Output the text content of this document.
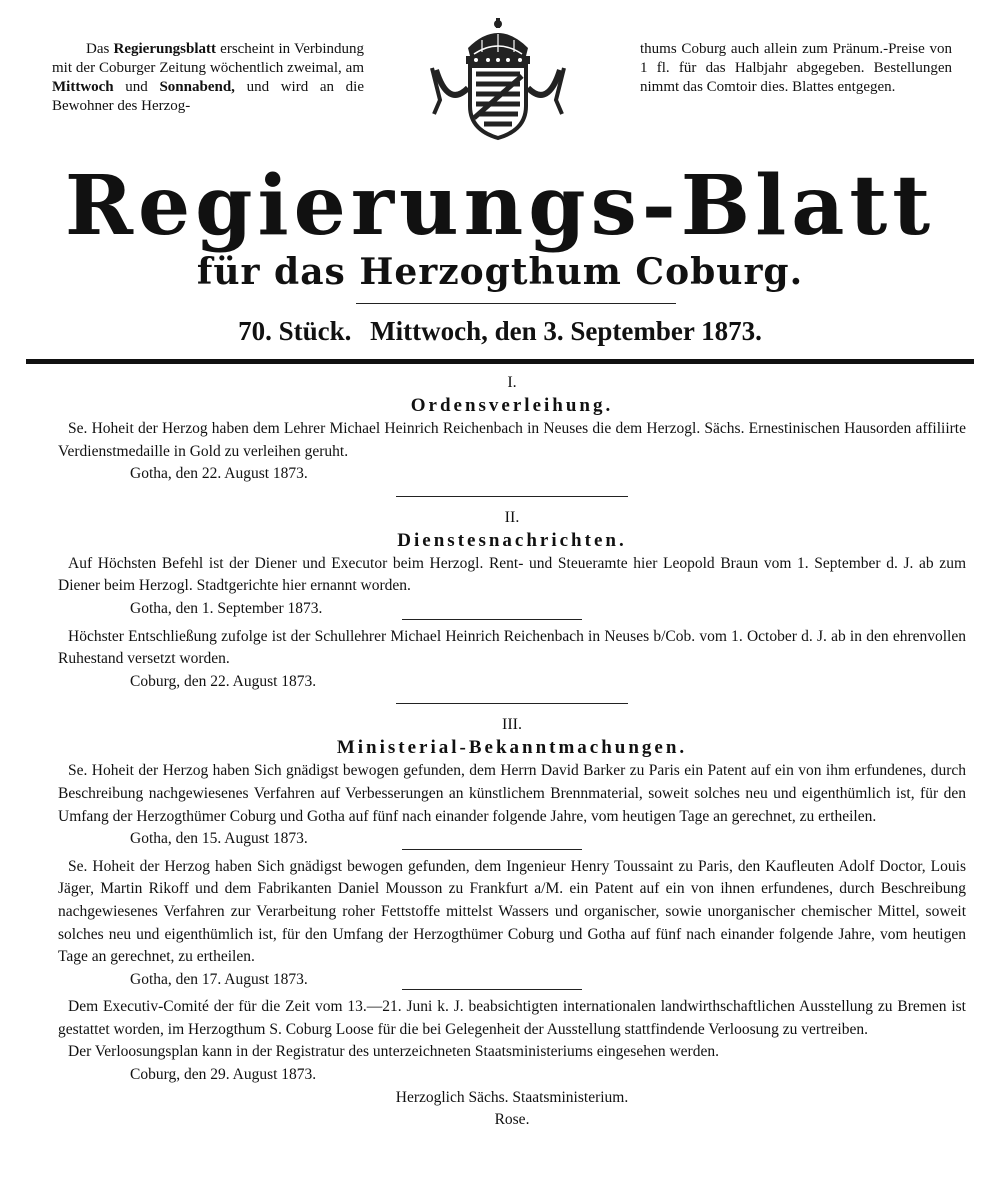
Das Regierungsblatt erscheint in Verbindung mit der Coburger Zeitung wöchentlich zweimal, am Mittwoch und Sonnabend, und wird an die Bewohner des Herzog-
thums Coburg auch allein zum Pränum.-Preise von 1 fl. für das Halbjahr abgegeben. Bestellungen nimmt das Comtoir dies. Blattes entgegen.
Regierungs-Blatt
für das Herzogthum Coburg.
70. Stück. Mittwoch, den 3. September 1873.
I.
Ordensverleihung.

Se. Hoheit der Herzog haben dem Lehrer Michael Heinrich Reichenbach in Neuses die dem Herzogl. Sächs. Ernestinischen Hausorden affiliirte Verdienstmedaille in Gold zu verleihen geruht.

Gotha, den 22. August 1873.

II.
Dienstesnachrichten.

Auf Höchsten Befehl ist der Diener und Executor beim Herzogl. Rent- und Steueramte hier Leopold Braun vom 1. September d. J. ab zum Diener beim Herzogl. Stadtgerichte hier ernannt worden.

Gotha, den 1. September 1873.

Höchster Entschließung zufolge ist der Schullehrer Michael Heinrich Reichenbach in Neuses b/Cob. vom 1. October d. J. ab in den ehrenvollen Ruhestand versetzt worden.

Coburg, den 22. August 1873.

III.
Ministerial-Bekanntmachungen.

Se. Hoheit der Herzog haben Sich gnädigst bewogen gefunden, dem Herrn David Barker zu Paris ein Patent auf ein von ihm erfundenes, durch Beschreibung nachgewiesenes Verfahren auf Verbesserungen an künstlichem Brennmaterial, soweit solches neu und eigenthümlich ist, für den Umfang der Herzogthümer Coburg und Gotha auf fünf nach einander folgende Jahre, vom heutigen Tage an gerechnet, zu ertheilen.

Gotha, den 15. August 1873.

Se. Hoheit der Herzog haben Sich gnädigst bewogen gefunden, dem Ingenieur Henry Toussaint zu Paris, den Kaufleuten Adolf Doctor, Louis Jäger, Martin Rikoff und dem Fabrikanten Daniel Mousson zu Frankfurt a/M. ein Patent auf ein von ihnen erfundenes, durch Beschreibung nachgewiesenes Verfahren zur Verarbeitung roher Fettstoffe mittelst Wassers und organischer, sowie unorganischer chemischer Mittel, soweit solches neu und eigenthümlich ist, für den Umfang der Herzogthümer Coburg und Gotha auf fünf nach einander folgende Jahre, vom heutigen Tage an gerechnet, zu ertheilen.

Gotha, den 17. August 1873.

Dem Executiv-Comité der für die Zeit vom 13.—21. Juni k. J. beabsichtigten internationalen landwirthschaftlichen Ausstellung zu Bremen ist gestattet worden, im Herzogthum S. Coburg Loose für die bei Gelegenheit der Ausstellung stattfindende Verloosung zu vertreiben.

Der Verloosungsplan kann in der Registratur des unterzeichneten Staatsministeriums eingesehen werden.

Coburg, den 29. August 1873.

Herzoglich Sächs. Staatsministerium.

Rose.
